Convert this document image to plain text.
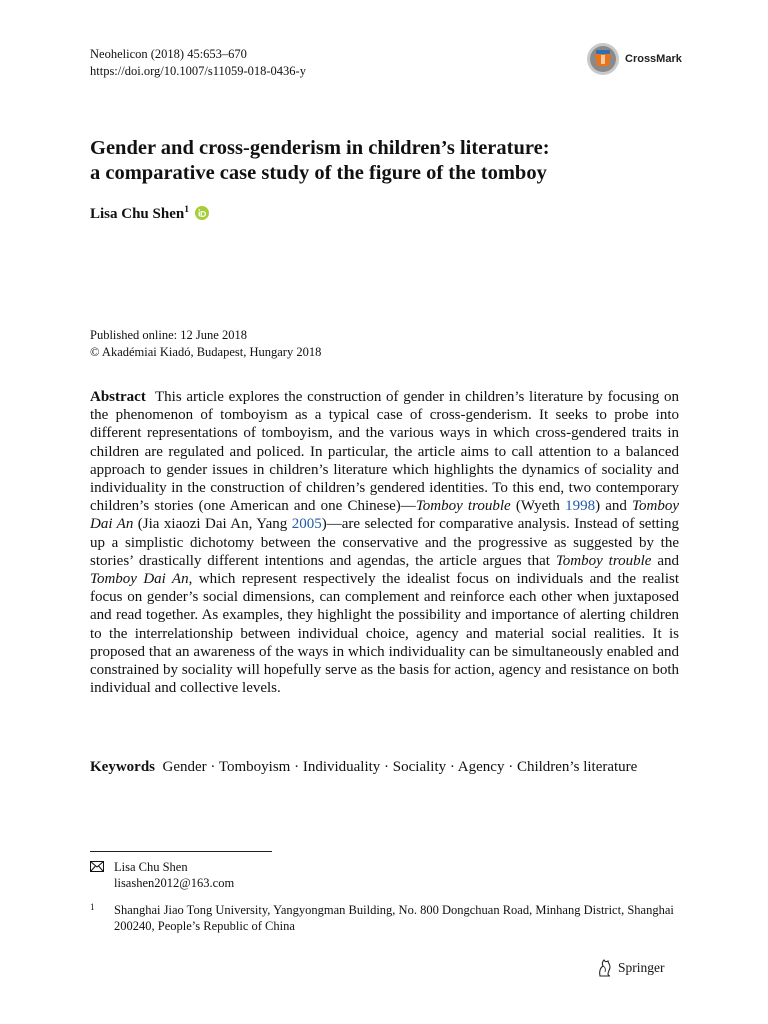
Neohelicon (2018) 45:653–670
https://doi.org/10.1007/s11059-018-0436-y
CrossMark
Gender and cross-genderism in children’s literature:
a comparative case study of the figure of the tomboy
Lisa Chu Shen$^1$
Published online: 12 June 2018
© Akadémiai Kiadó, Budapest, Hungary 2018

Abstract This article explores the construction of gender in children’s literature by focusing on the phenomenon of tomboyism as a typical case of cross-genderism. It seeks to probe into different representations of tomboyism, and the various ways in which cross-gendered traits in children are regulated and policed. In particular, the article aims to call attention to a balanced approach to gender issues in children’s literature which highlights the dynamics of sociality and individuality in the construction of children’s gendered identities. To this end, two contemporary children’s stories (one American and one Chinese)—Tomboy trouble (Wyeth 1998) and Tomboy Dai An (Jia xiaozi Dai An, Yang 2005)—are selected for comparative analysis. Instead of setting up a simplistic dichotomy between the conservative and the progressive as suggested by the stories’ drastically different intentions and agendas, the article argues that Tomboy trouble and Tomboy Dai An, which represent respectively the idealist focus on individuals and the realist focus on gender’s social dimensions, can complement and reinforce each other when juxtaposed and read together. As examples, they highlight the possibility and importance of alerting children to the interrelationship between individual choice, agency and material social realities. It is proposed that an awareness of the ways in which individuality can be simultaneously enabled and constrained by sociality will hopefully serve as the basis for action, agency and resistance on both individual and collective levels.

Keywords Gender · Tomboyism · Individuality · Sociality · Agency · Children’s literature

Lisa Chu Shen
lisashen2012@163.com
1 Shanghai Jiao Tong University, Yangyongman Building, No. 800 Dongchuan Road, Minhang District, Shanghai 200240, People’s Republic of China
Springer
